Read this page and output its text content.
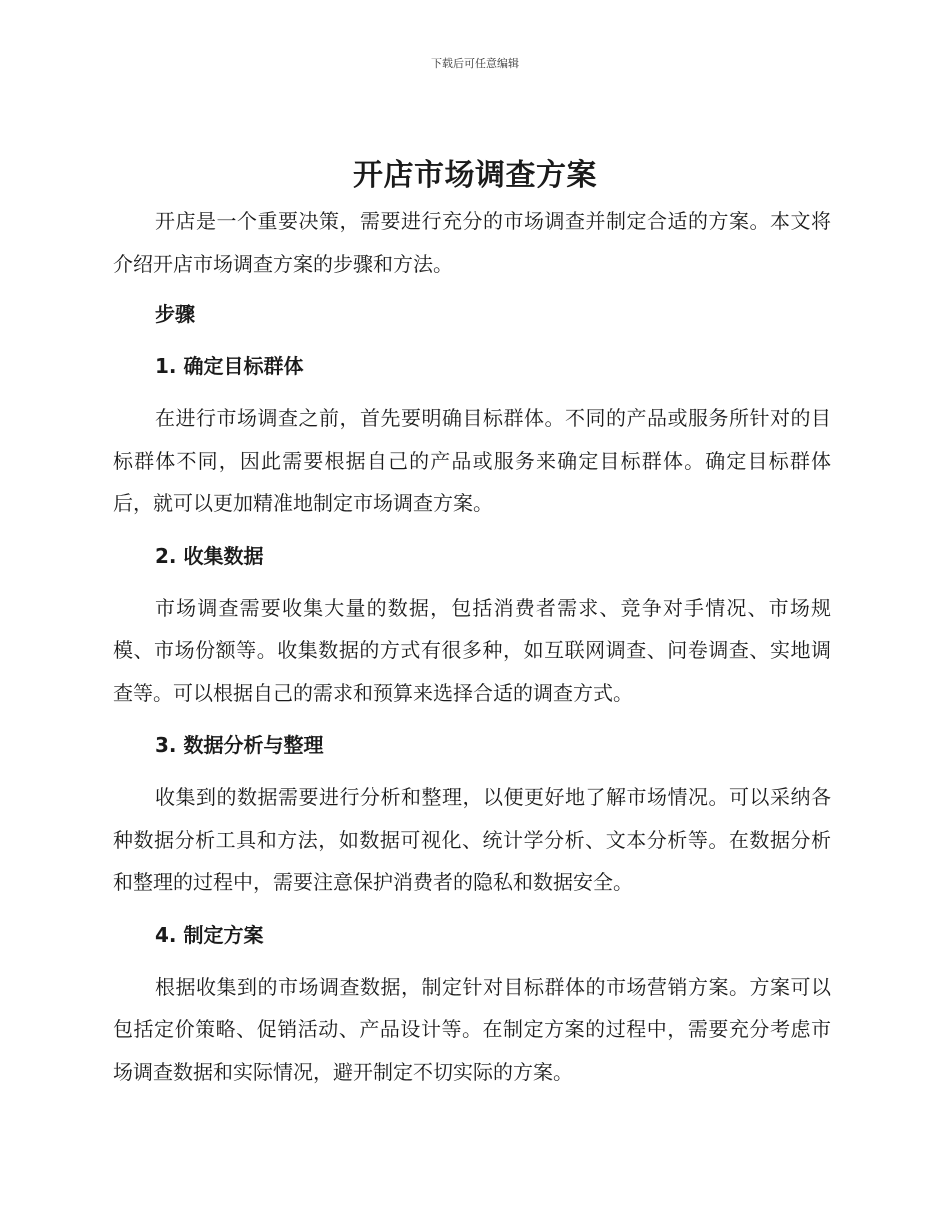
下载后可任意编辑
开店市场调查方案

开店是一个重要决策，需要进行充分的市场调查并制定合适的方案。本文将介绍开店市场调查方案的步骤和方法。

步骤

1. 确定目标群体

在进行市场调查之前，首先要明确目标群体。不同的产品或服务所针对的目标群体不同，因此需要根据自己的产品或服务来确定目标群体。确定目标群体后，就可以更加精准地制定市场调查方案。

2. 收集数据

市场调查需要收集大量的数据，包括消费者需求、竞争对手情况、市场规模、市场份额等。收集数据的方式有很多种，如互联网调查、问卷调查、实地调查等。可以根据自己的需求和预算来选择合适的调查方式。

3. 数据分析与整理

收集到的数据需要进行分析和整理，以便更好地了解市场情况。可以采纳各种数据分析工具和方法，如数据可视化、统计学分析、文本分析等。在数据分析和整理的过程中，需要注意保护消费者的隐私和数据安全。

4. 制定方案

根据收集到的市场调查数据，制定针对目标群体的市场营销方案。方案可以包括定价策略、促销活动、产品设计等。在制定方案的过程中，需要充分考虑市场调查数据和实际情况，避开制定不切实际的方案。
